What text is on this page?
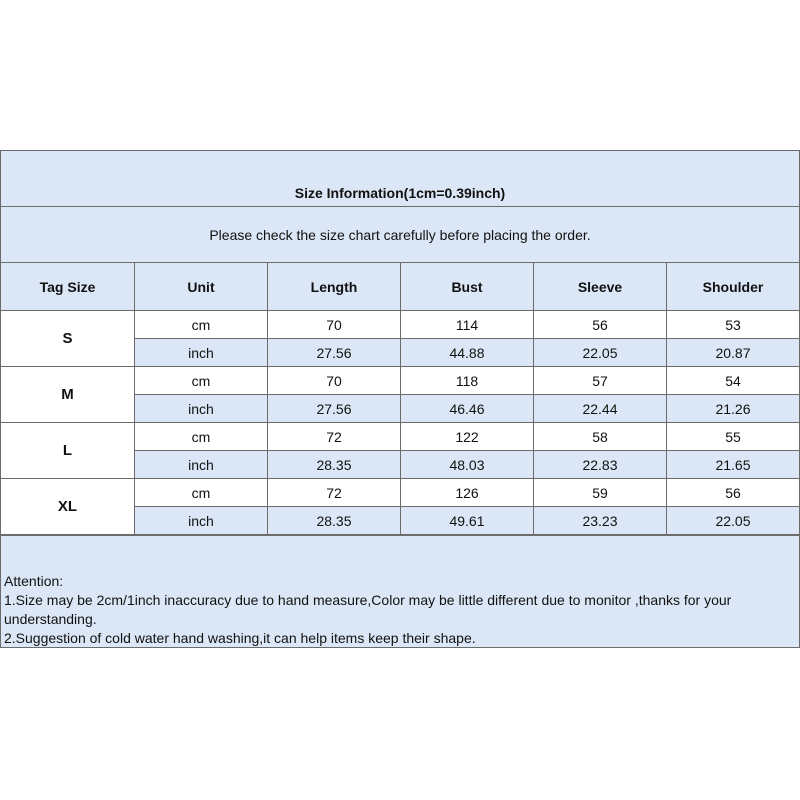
Size Information(1cm=0.39inch)
Please check the size chart carefully before placing the order.
Tag Size	Unit	Length	Bust	Sleeve	Shoulder
S
cm	70	114	56	53
inch	27.56	44.88	22.05	20.87
M
cm	70	118	57	54
inch	27.56	46.46	22.44	21.26
L
cm	72	122	58	55
inch	28.35	48.03	22.83	21.65
XL
cm	72	126	59	56
inch	28.35	49.61	23.23	22.05
Attention:
1.Size may be 2cm/1inch inaccuracy due to hand measure,Color may be little different due to monitor ,thanks for your understanding.
2.Suggestion of cold water hand washing,it can help items keep their shape.
